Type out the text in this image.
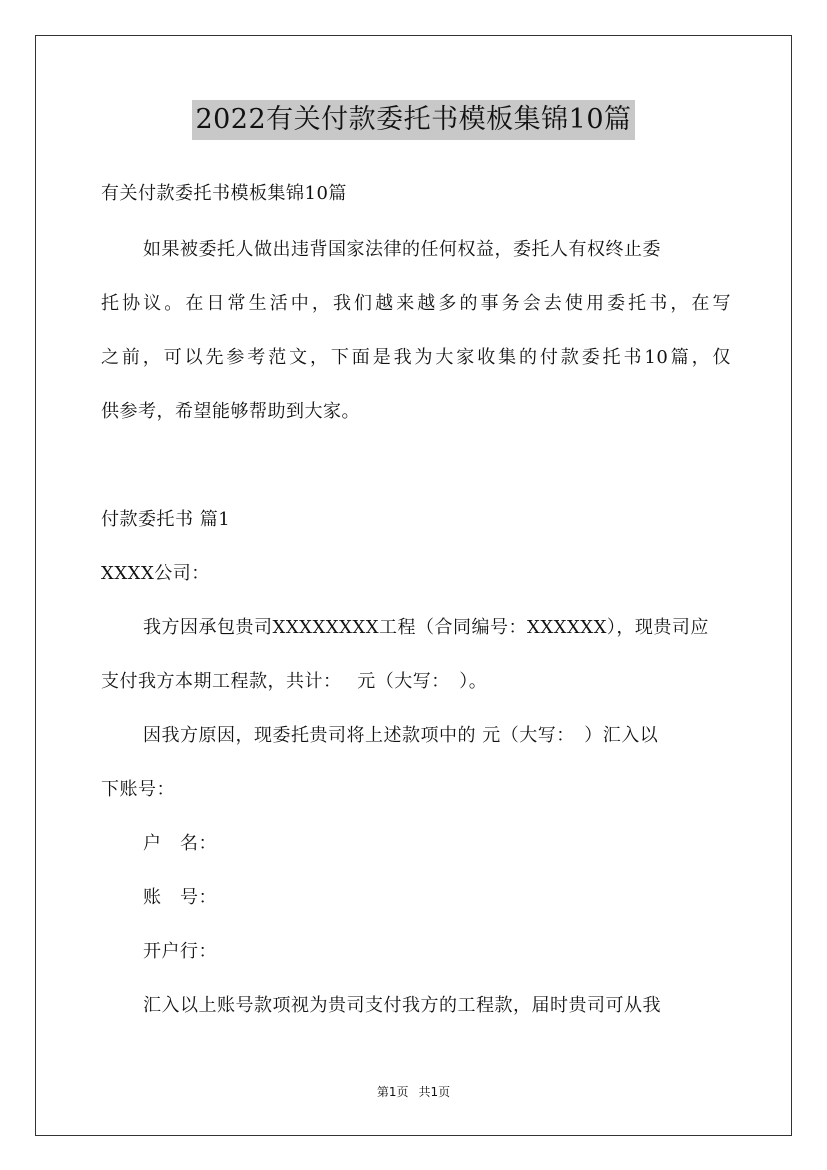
2022有关付款委托书模板集锦10篇
有关付款委托书模板集锦10篇
如果被委托人做出违背国家法律的任何权益，委托人有权终止委
托协议。在日常生活中，我们越来越多的事务会去使用委托书，在写
之前，可以先参考范文，下面是我为大家收集的付款委托书10篇，仅
供参考，希望能够帮助到大家。
付款委托书 篇1
XXXX公司：
我方因承包贵司XXXXXXXX工程（合同编号：XXXXXX），现贵司应
支付我方本期工程款，共计：　 元（大写：　）。
因我方原因，现委托贵司将上述款项中的 元（大写：　）汇入以
下账号：
户　名：
账　号：
开户行：
汇入以上账号款项视为贵司支付我方的工程款，届时贵司可从我
第1页 共1页
